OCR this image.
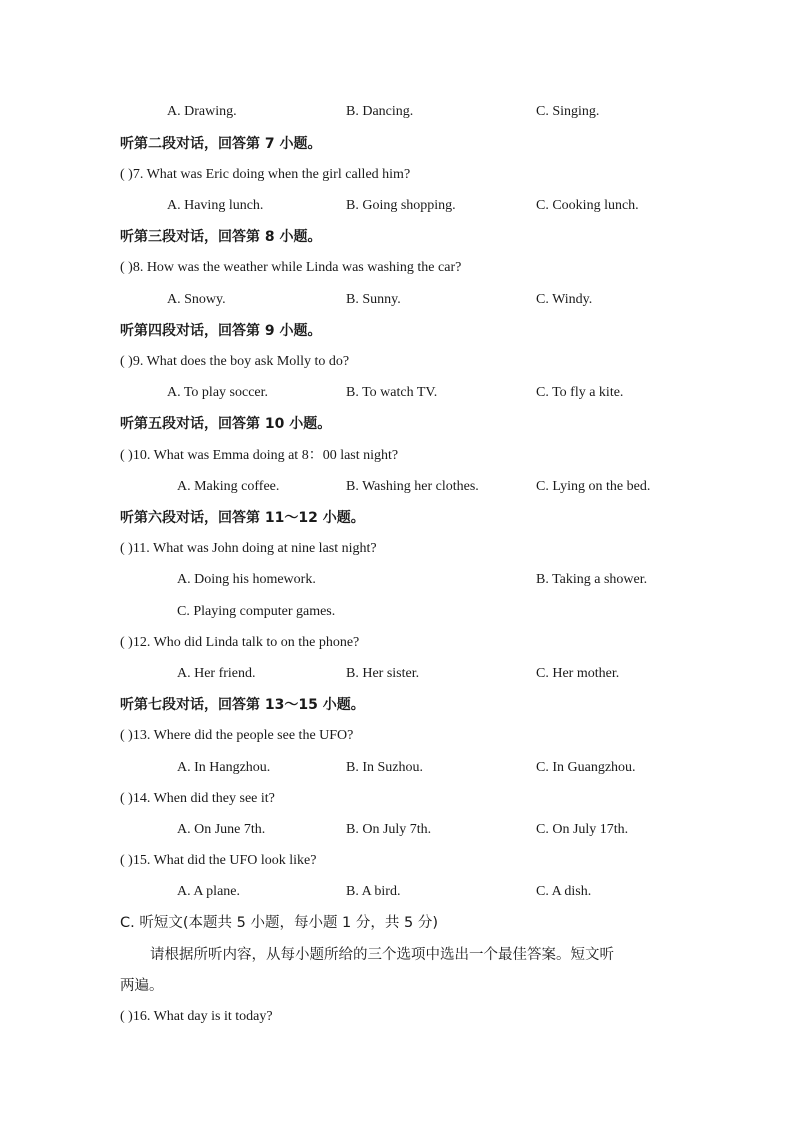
A. Drawing.	B. Dancing.	C. Singing.
听第二段对话，回答第 7 小题。
( )7. What was Eric doing when the girl called him?
A. Having lunch.	B. Going shopping.	C. Cooking lunch.
听第三段对话，回答第 8 小题。
( )8. How was the weather while Linda was washing the car?
A. Snowy.	B. Sunny.	C. Windy.
听第四段对话，回答第 9 小题。
( )9. What does the boy ask Molly to do?
A. To play soccer.	B. To watch TV.	C. To fly a kite.
听第五段对话，回答第 10 小题。
( )10. What was Emma doing at 8：00 last night?
A. Making coffee.	B. Washing her clothes.	C. Lying on the bed.
听第六段对话，回答第 11～12 小题。
( )11. What was John doing at nine last night?
A. Doing his homework.	B. Taking a shower.
C. Playing computer games.
( )12. Who did Linda talk to on the phone?
A. Her friend.	B. Her sister.	C. Her mother.
听第七段对话，回答第 13～15 小题。
( )13. Where did the people see the UFO?
A. In Hangzhou.	B. In Suzhou.	C. In Guangzhou.
( )14. When did they see it?
A. On June 7th.	B. On July 7th.	C. On July 17th.
( )15. What did the UFO look like?
A. A plane.	B. A bird.	C. A dish.
C. 听短文(本题共 5 小题，每小题 1 分，共 5 分)
请根据所听内容，从每小题所给的三个选项中选出一个最佳答案。短文听
两遍。
( )16. What day is it today?
